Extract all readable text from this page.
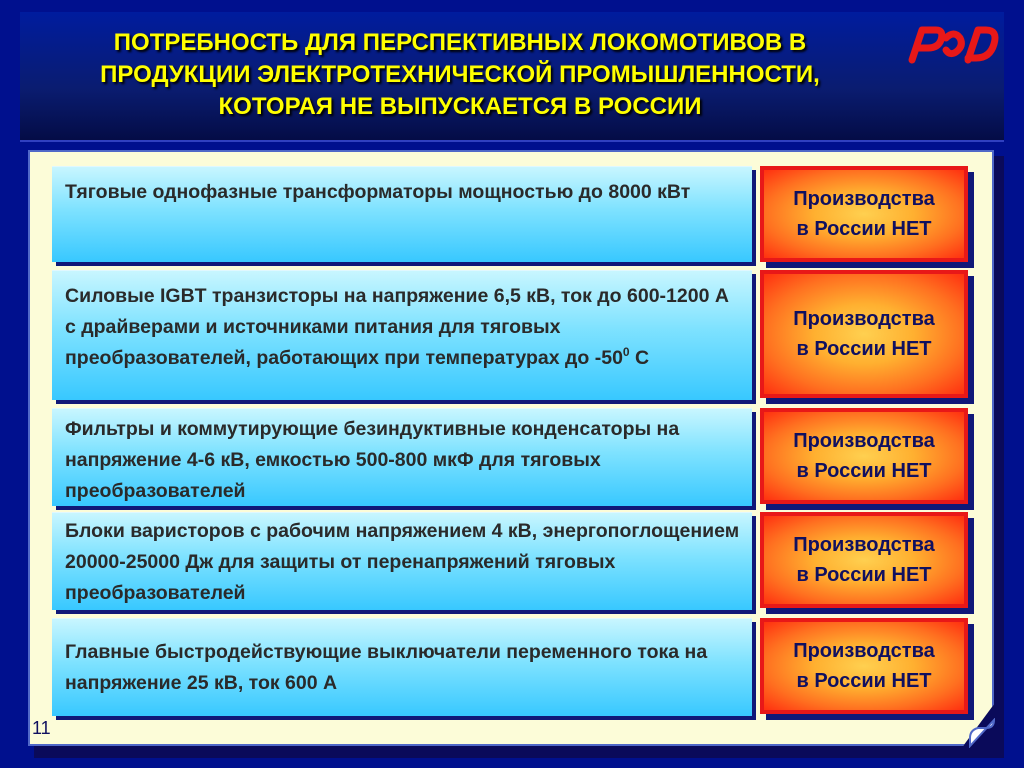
ПОТРЕБНОСТЬ ДЛЯ ПЕРСПЕКТИВНЫХ ЛОКОМОТИВОВ В
ПРОДУКЦИИ ЭЛЕКТРОТЕХНИЧЕСКОЙ ПРОМЫШЛЕННОСТИ,
КОТОРАЯ НЕ ВЫПУСКАЕТСЯ В РОССИИ
Тяговые однофазные трансформаторы мощностью до 8000 кВт	Производства
в России НЕТ
Силовые IGBT транзисторы на напряжение 6,5 кВ, ток до 600-1200 А с драйверами и источниками питания для тяговых преобразователей, работающих при температурах до $-50^0$ С
Производства
в России НЕТ
Фильтры и коммутирующие безиндуктивные конденсаторы на напряжение 4-6 кВ, емкостью 500-800 мкФ для тяговых преобразователей
Производства
в России НЕТ
Блоки варисторов с рабочим напряжением 4 кВ, энергопоглощением 20000-25000 Дж для защиты от перенапряжений тяговых преобразователей
Производства
в России НЕТ
Главные быстродействующие выключатели переменного тока на напряжение 25 кВ, ток 600 А
Производства
в России НЕТ
11
